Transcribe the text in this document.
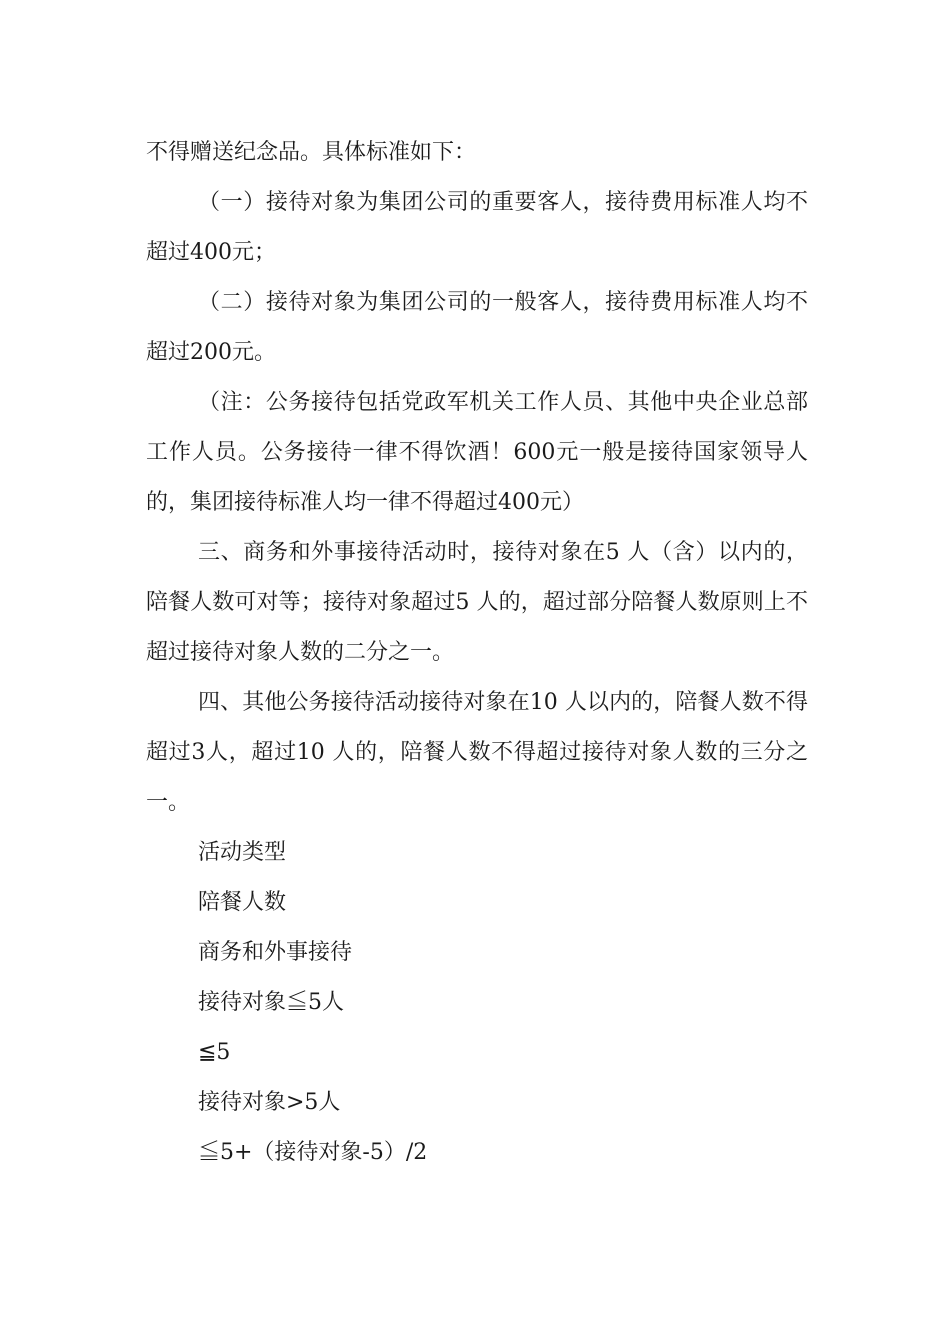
不得赠送纪念品。具体标准如下：

（一）接待对象为集团公司的重要客人，接待费用标准人均不超过400元；

（二）接待对象为集团公司的一般客人，接待费用标准人均不超过200元。

（注：公务接待包括党政军机关工作人员、其他中央企业总部工作人员。公务接待一律不得饮酒！600元一般是接待国家领导人的，集团接待标准人均一律不得超过400元）

三、商务和外事接待活动时，接待对象在5 人（含）以内的，陪餐人数可对等；接待对象超过5 人的，超过部分陪餐人数原则上不超过接待对象人数的二分之一。

四、其他公务接待活动接待对象在10 人以内的，陪餐人数不得超过3人，超过10 人的，陪餐人数不得超过接待对象人数的三分之一。

活动类型

陪餐人数

商务和外事接待

接待对象≦5人

≦5

接待对象>5人

≦5+（接待对象-5）/2
